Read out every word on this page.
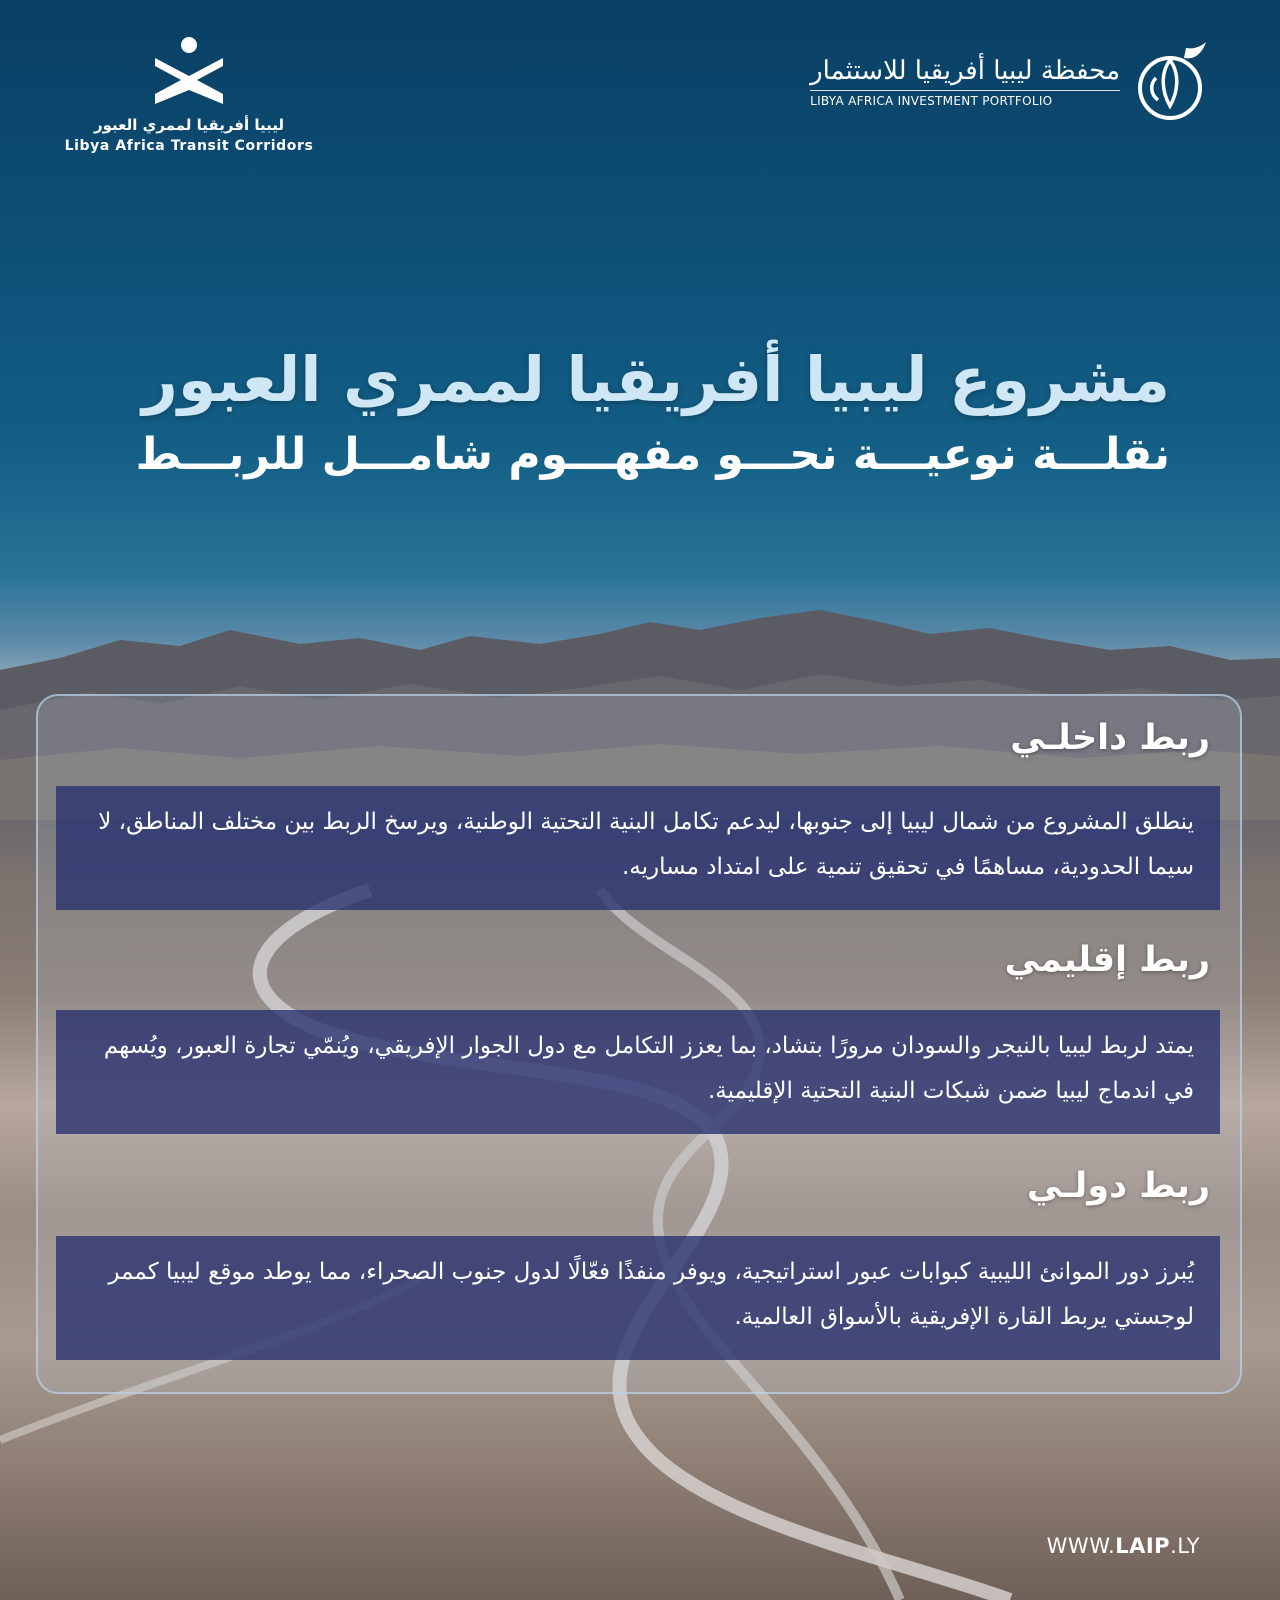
ليبيا أفريقيا لممري العبور
Libya Africa Transit Corridors
محفظة ليبيا أفريقيا للاستثمار
LIBYA AFRICA INVESTMENT PORTFOLIO
مشروع ليبيا أفريقيا لممري العبور
نقلـــة نوعيـــة نحـــو مفهـــوم شامـــل للربـــط
ربط داخلـي

ينطلق المشروع من شمال ليبيا إلى جنوبها، ليدعم تكامل البنية التحتية الوطنية، ويرسخ الربط بين مختلف المناطق، لا سيما الحدودية، مساهمًا في تحقيق تنمية على امتداد مساريه.

ربط إقليمي

يمتد لربط ليبيا بالنيجر والسودان مرورًا بتشاد، بما يعزز التكامل مع دول الجوار الإفريقي، ويُنمّي تجارة العبور، ويُسهم في اندماج ليبيا ضمن شبكات البنية التحتية الإقليمية.

ربط دولـي

يُبرز دور الموانئ الليبية كبوابات عبور استراتيجية، ويوفر منفذًا فعّالًا لدول جنوب الصحراء، مما يوطد موقع ليبيا كممر لوجستي يربط القارة الإفريقية بالأسواق العالمية.

WWW.LAIP.LY
